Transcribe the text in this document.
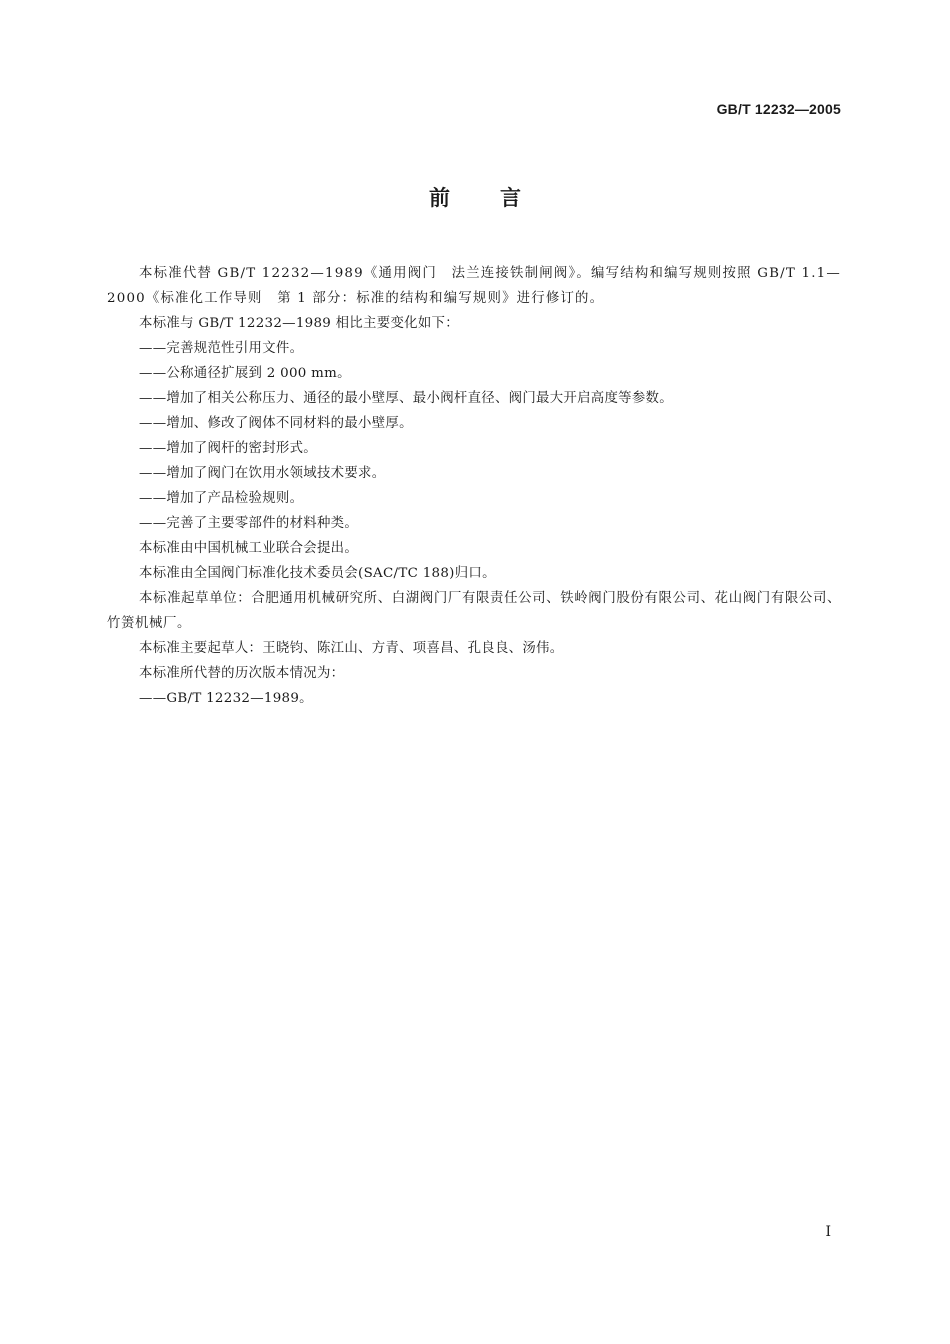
GB/T 12232—2005
前言

本标准代替 GB/T 12232—1989《通用阀门　法兰连接铁制闸阀》。编写结构和编写规则按照 GB/T 1.1—2000《标准化工作导则　第 1 部分：标准的结构和编写规则》进行修订的。

本标准与 GB/T 12232—1989 相比主要变化如下：

——完善规范性引用文件。

——公称通径扩展到 2 000 mm。

——增加了相关公称压力、通径的最小壁厚、最小阀杆直径、阀门最大开启高度等参数。

——增加、修改了阀体不同材料的最小壁厚。

——增加了阀杆的密封形式。

——增加了阀门在饮用水领域技术要求。

——增加了产品检验规则。

——完善了主要零部件的材料种类。

本标准由中国机械工业联合会提出。

本标准由全国阀门标准化技术委员会(SAC/TC 188)归口。

本标准起草单位：合肥通用机械研究所、白湖阀门厂有限责任公司、铁岭阀门股份有限公司、花山阀门有限公司、竹箦机械厂。

本标准主要起草人：王晓钧、陈江山、方青、项喜昌、孔良良、汤伟。

本标准所代替的历次版本情况为：

——GB/T 12232—1989。

I
